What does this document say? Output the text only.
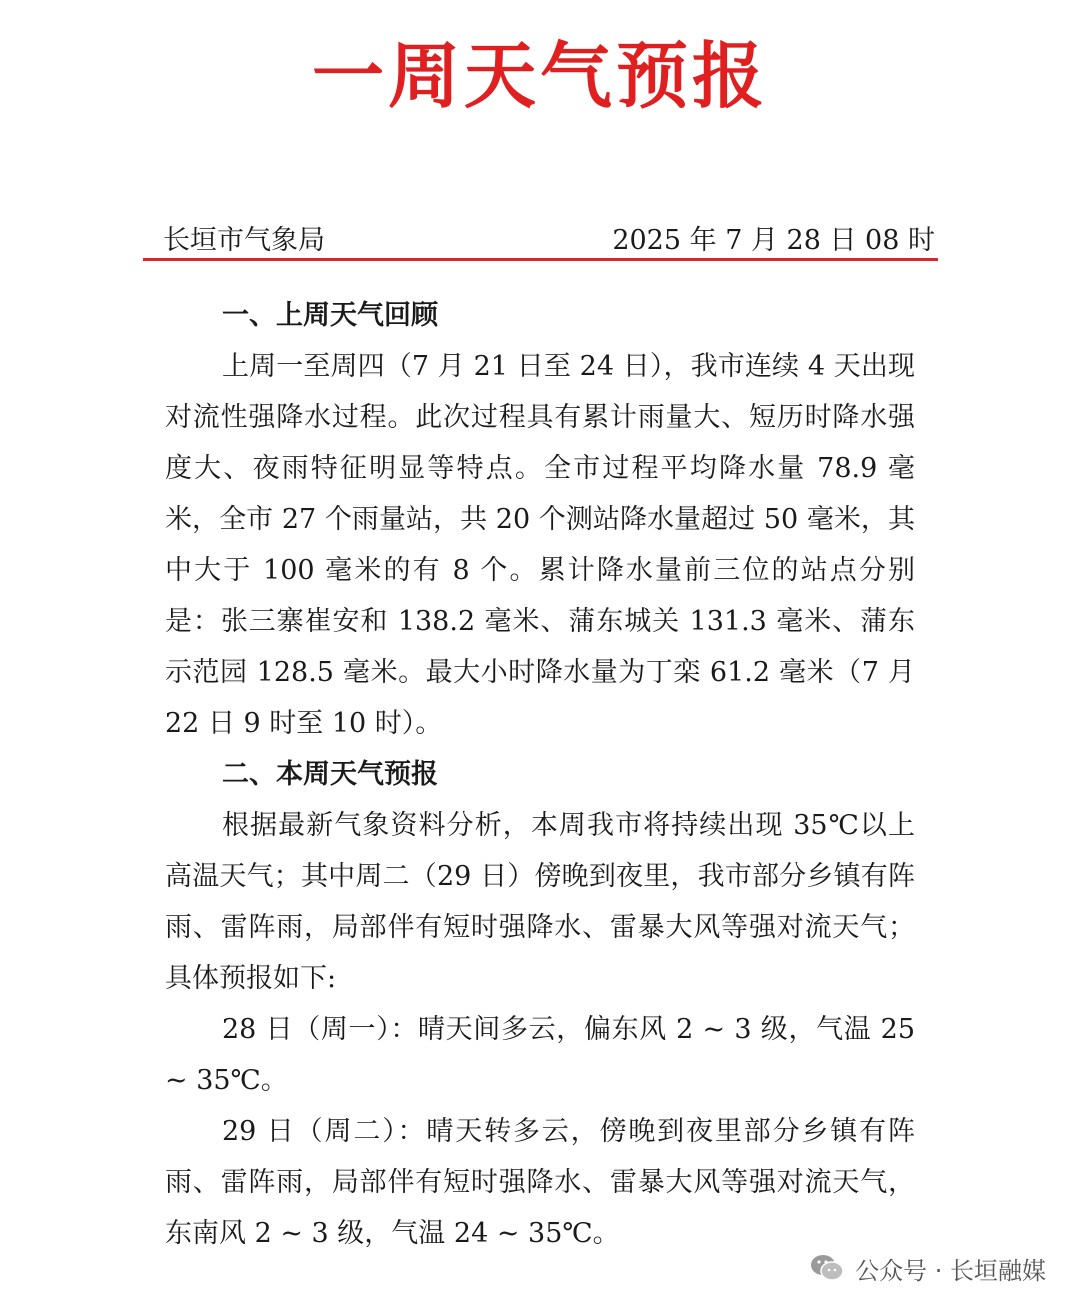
一周天气预报
长垣市气象局	2025 年 7 月 28 日 08 时
一、上周天气回顾
上周一至周四（7 月 21 日至 24 日），我市连续 4 天出现对流性强降水过程。此次过程具有累计雨量大、短历时降水强度大、夜雨特征明显等特点。全市过程平均降水量 78.9 毫米，全市 27 个雨量站，共 20 个测站降水量超过 50 毫米，其中大于 100 毫米的有 8 个。累计降水量前三位的站点分别是：张三寨崔安和 138.2 毫米、蒲东城关 131.3 毫米、蒲东示范园 128.5 毫米。最大小时降水量为丁栾 61.2 毫米（7 月 22 日 9 时至 10 时）。
二、本周天气预报
根据最新气象资料分析，本周我市将持续出现 35℃以上高温天气；其中周二（29 日）傍晚到夜里，我市部分乡镇有阵雨、雷阵雨，局部伴有短时强降水、雷暴大风等强对流天气；具体预报如下:
28 日（周一）：晴天间多云，偏东风 2 ~ 3 级，气温 25 ~ 35℃。
29 日（周二）：晴天转多云，傍晚到夜里部分乡镇有阵雨、雷阵雨，局部伴有短时强降水、雷暴大风等强对流天气，东南风 2 ~ 3 级，气温 24 ~ 35℃。
公众号 · 长垣融媒
